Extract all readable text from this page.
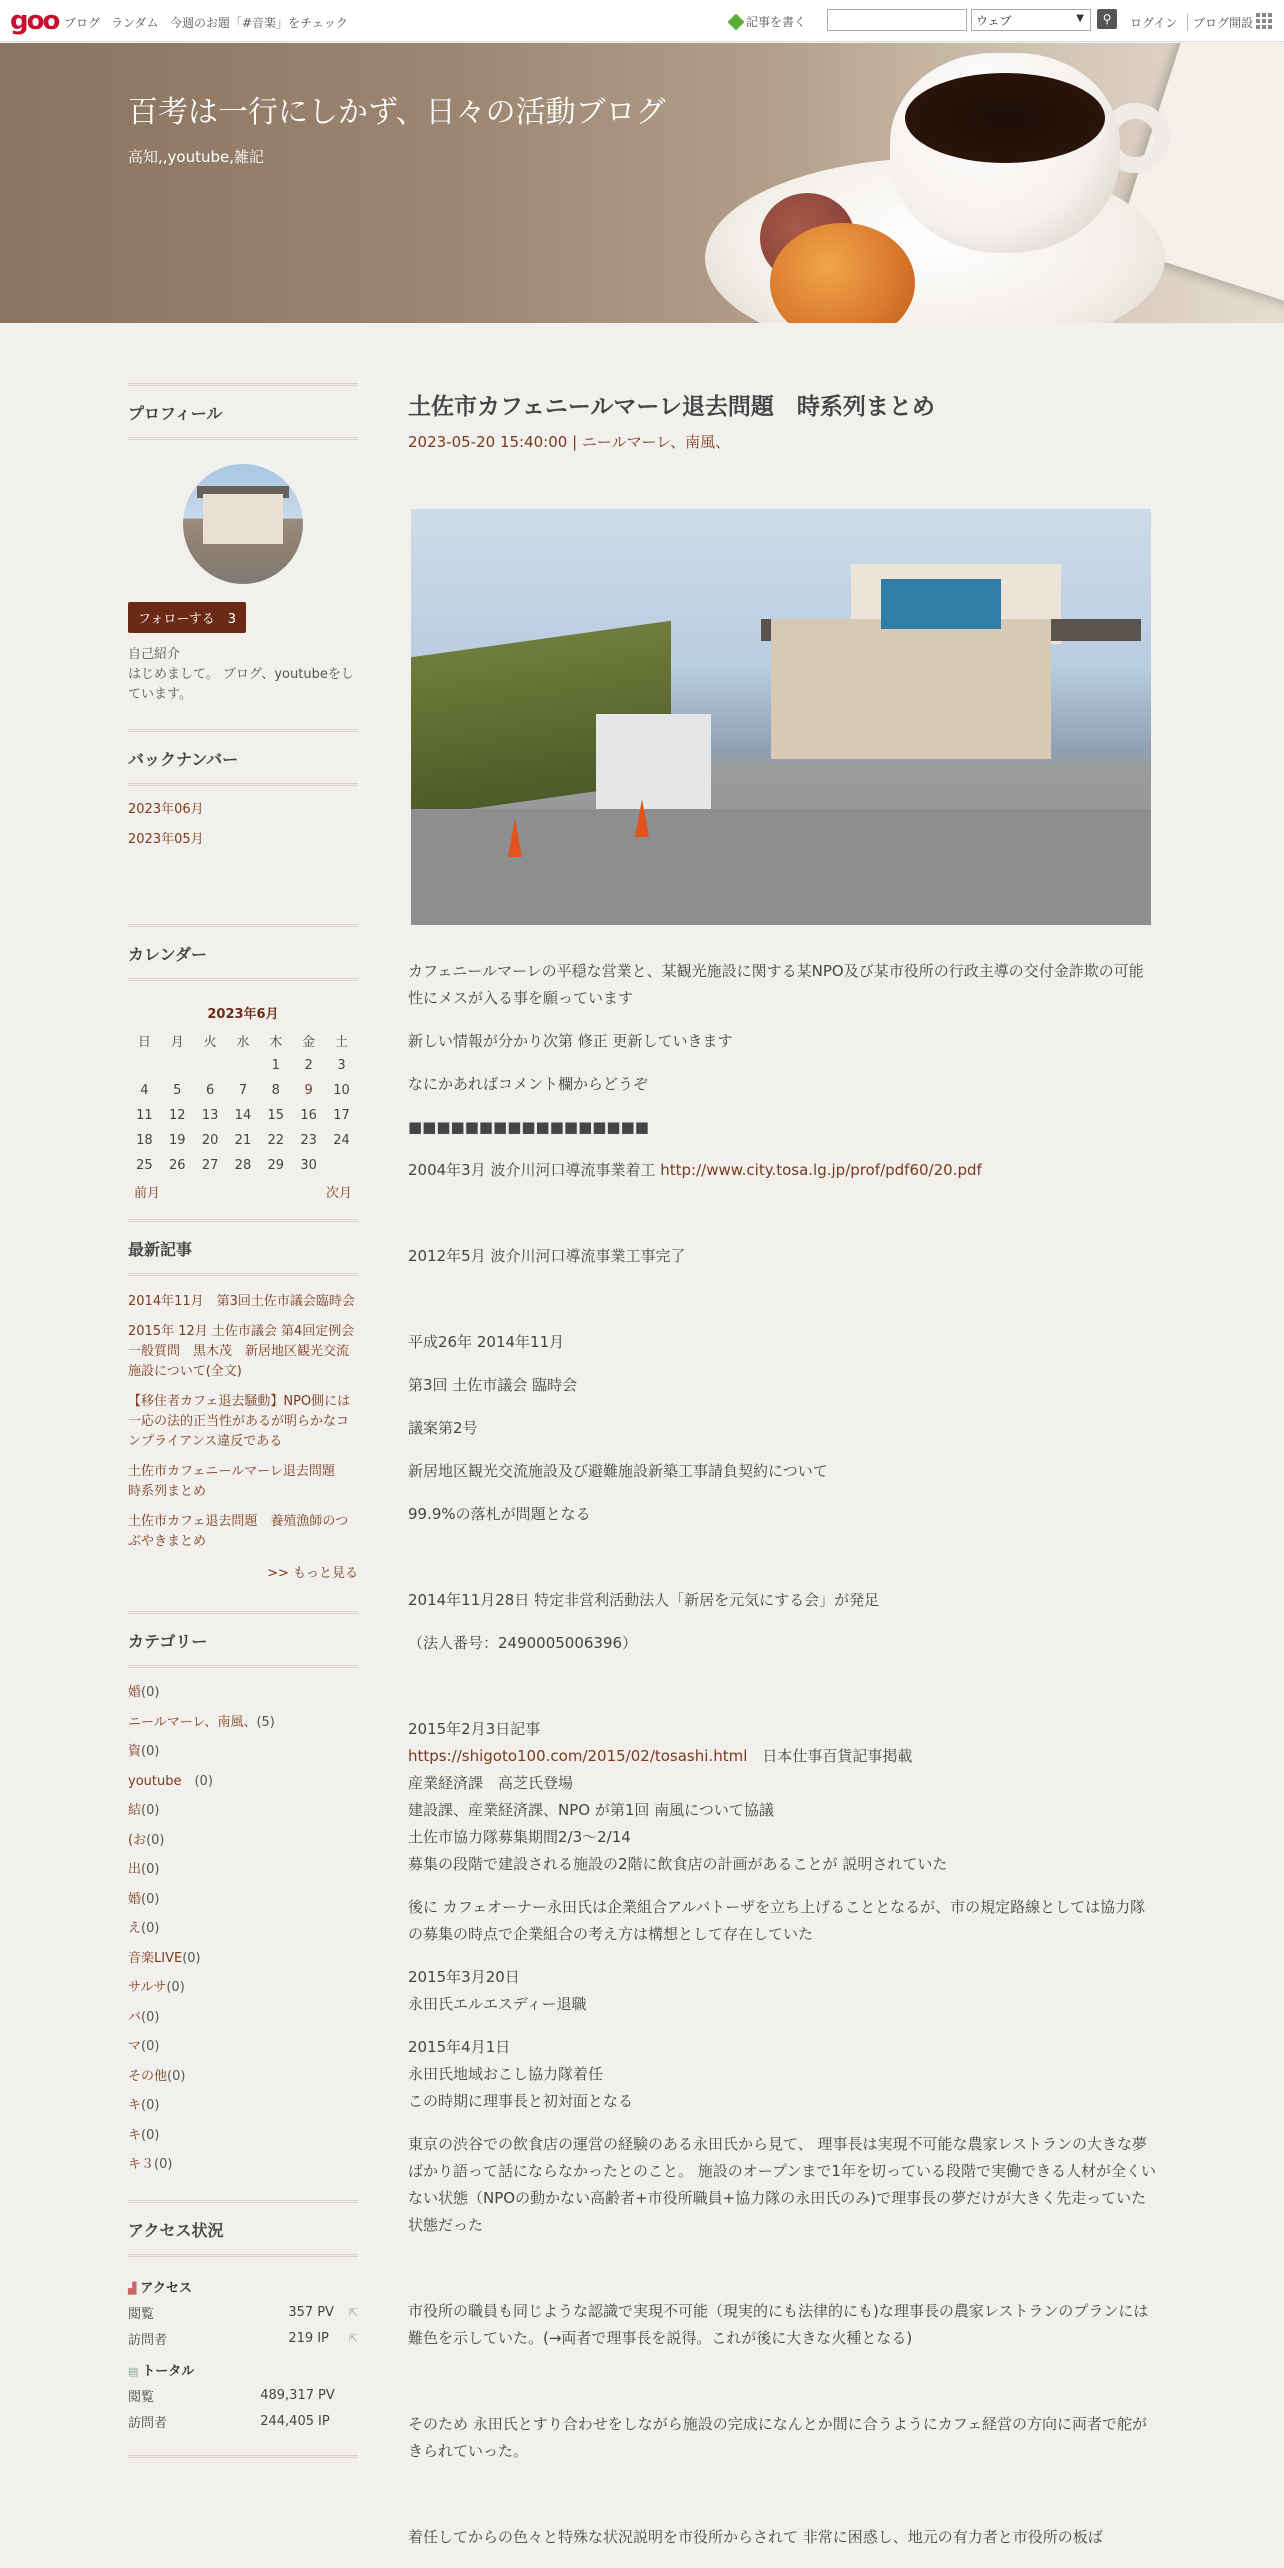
goo ブログ ランダム 今週のお題「#音楽」をチェック	記事を書く	ウェブ	▼	⚲	ログイン	ブログ開設
百考は一行にしかず、日々の活動ブログ
高知,,youtube,雑記
プロフィール
フォローする　3
自己紹介
はじめまして。 ブログ、youtubeをしています。
バックナンバー
2023年06月
2023年05月
カレンダー
2023年6月
日	月	火	水	木	金	土
				1	2	3
4	5	6	7	8	9	10
11	12	13	14	15	16	17
18	19	20	21	22	23	24
25	26	27	28	29	30	
前月	次月
最新記事
2014年11月　第3回土佐市議会臨時会
2015年 12月 土佐市議会 第4回定例会 一般質問　黒木茂　新居地区観光交流施設について(全文)
【移住者カフェ退去騒動】NPO側には一応の法的正当性があるが明らかなコンプライアンス違反である
土佐市カフェニールマーレ退去問題　時系列まとめ
土佐市カフェ退去問題　養殖漁師のつぶやきまとめ
>> もっと見る
カテゴリー
婚(0)
ニールマーレ、南風、(5)
資(0)
youtube　(0)
結(0)
(お(0)
出(0)
婚(0)
え(0)
音楽LIVE(0)
サルサ(0)
バ(0)
マ(0)
その他(0)
キ(0)
キ(0)
キ３(0)
アクセス状況
▟ アクセス
閲覧	357 PV	⇱
訪問者	219 IP	⇱
▤ トータル
閲覧	489,317 PV
訪問者	244,405 IP
土佐市カフェニールマーレ退去問題　時系列まとめ
2023-05-20 15:40:00 | ニールマーレ、南風、
カフェニールマーレの平穏な営業と、某観光施設に関する某NPO及び某市役所の行政主導の交付金詐欺の可能性にメスが入る事を願っています
新しい情報が分かり次第 修正 更新していきます
なにかあればコメント欄からどうぞ
■■■■■■■■■■■■■■■■■
2004年3月 波介川河口導流事業着工 http://www.city.tosa.lg.jp/prof/pdf60/20.pdf
2012年5月 波介川河口導流事業工事完了
平成26年 2014年11月
第3回 土佐市議会 臨時会
議案第2号
新居地区観光交流施設及び避難施設新築工事請負契約について
99.9%の落札が問題となる
2014年11月28日 特定非営利活動法人「新居を元気にする会」が発足
（法人番号：2490005006396）
2015年2月3日記事
https://shigoto100.com/2015/02/tosashi.html　日本仕事百貨記事掲載
産業経済課　高芝氏登場
建設課、産業経済課、NPO が第1回 南風について協議
土佐市協力隊募集期間2/3〜2/14
募集の段階で建設される施設の2階に飲食店の計画があることが 説明されていた
後に カフェオーナー永田氏は企業組合アルバトーザを立ち上げることとなるが、市の規定路線としては協力隊の募集の時点で企業組合の考え方は構想として存在していた
2015年3月20日
永田氏エルエスディー退職
2015年4月1日
永田氏地域おこし協力隊着任
この時期に理事長と初対面となる
東京の渋谷での飲食店の運営の経験のある永田氏から見て、 理事長は実現不可能な農家レストランの大きな夢ばかり語って話にならなかったとのこと。 施設のオープンまで1年を切っている段階で実働できる人材が全くいない状態（NPOの動かない高齢者+市役所職員+協力隊の永田氏のみ)で理事長の夢だけが大きく先走っていた状態だった
市役所の職員も同じような認識で実現不可能（現実的にも法律的にも)な理事長の農家レストランのプランには難色を示していた。(→両者で理事長を説得。これが後に大きな火種となる)
そのため 永田氏とすり合わせをしながら施設の完成になんとか間に合うようにカフェ経営の方向に両者で舵がきられていった。
着任してからの色々と特殊な状況説明を市役所からされて 非常に困惑し、地元の有力者と市役所の板ば
